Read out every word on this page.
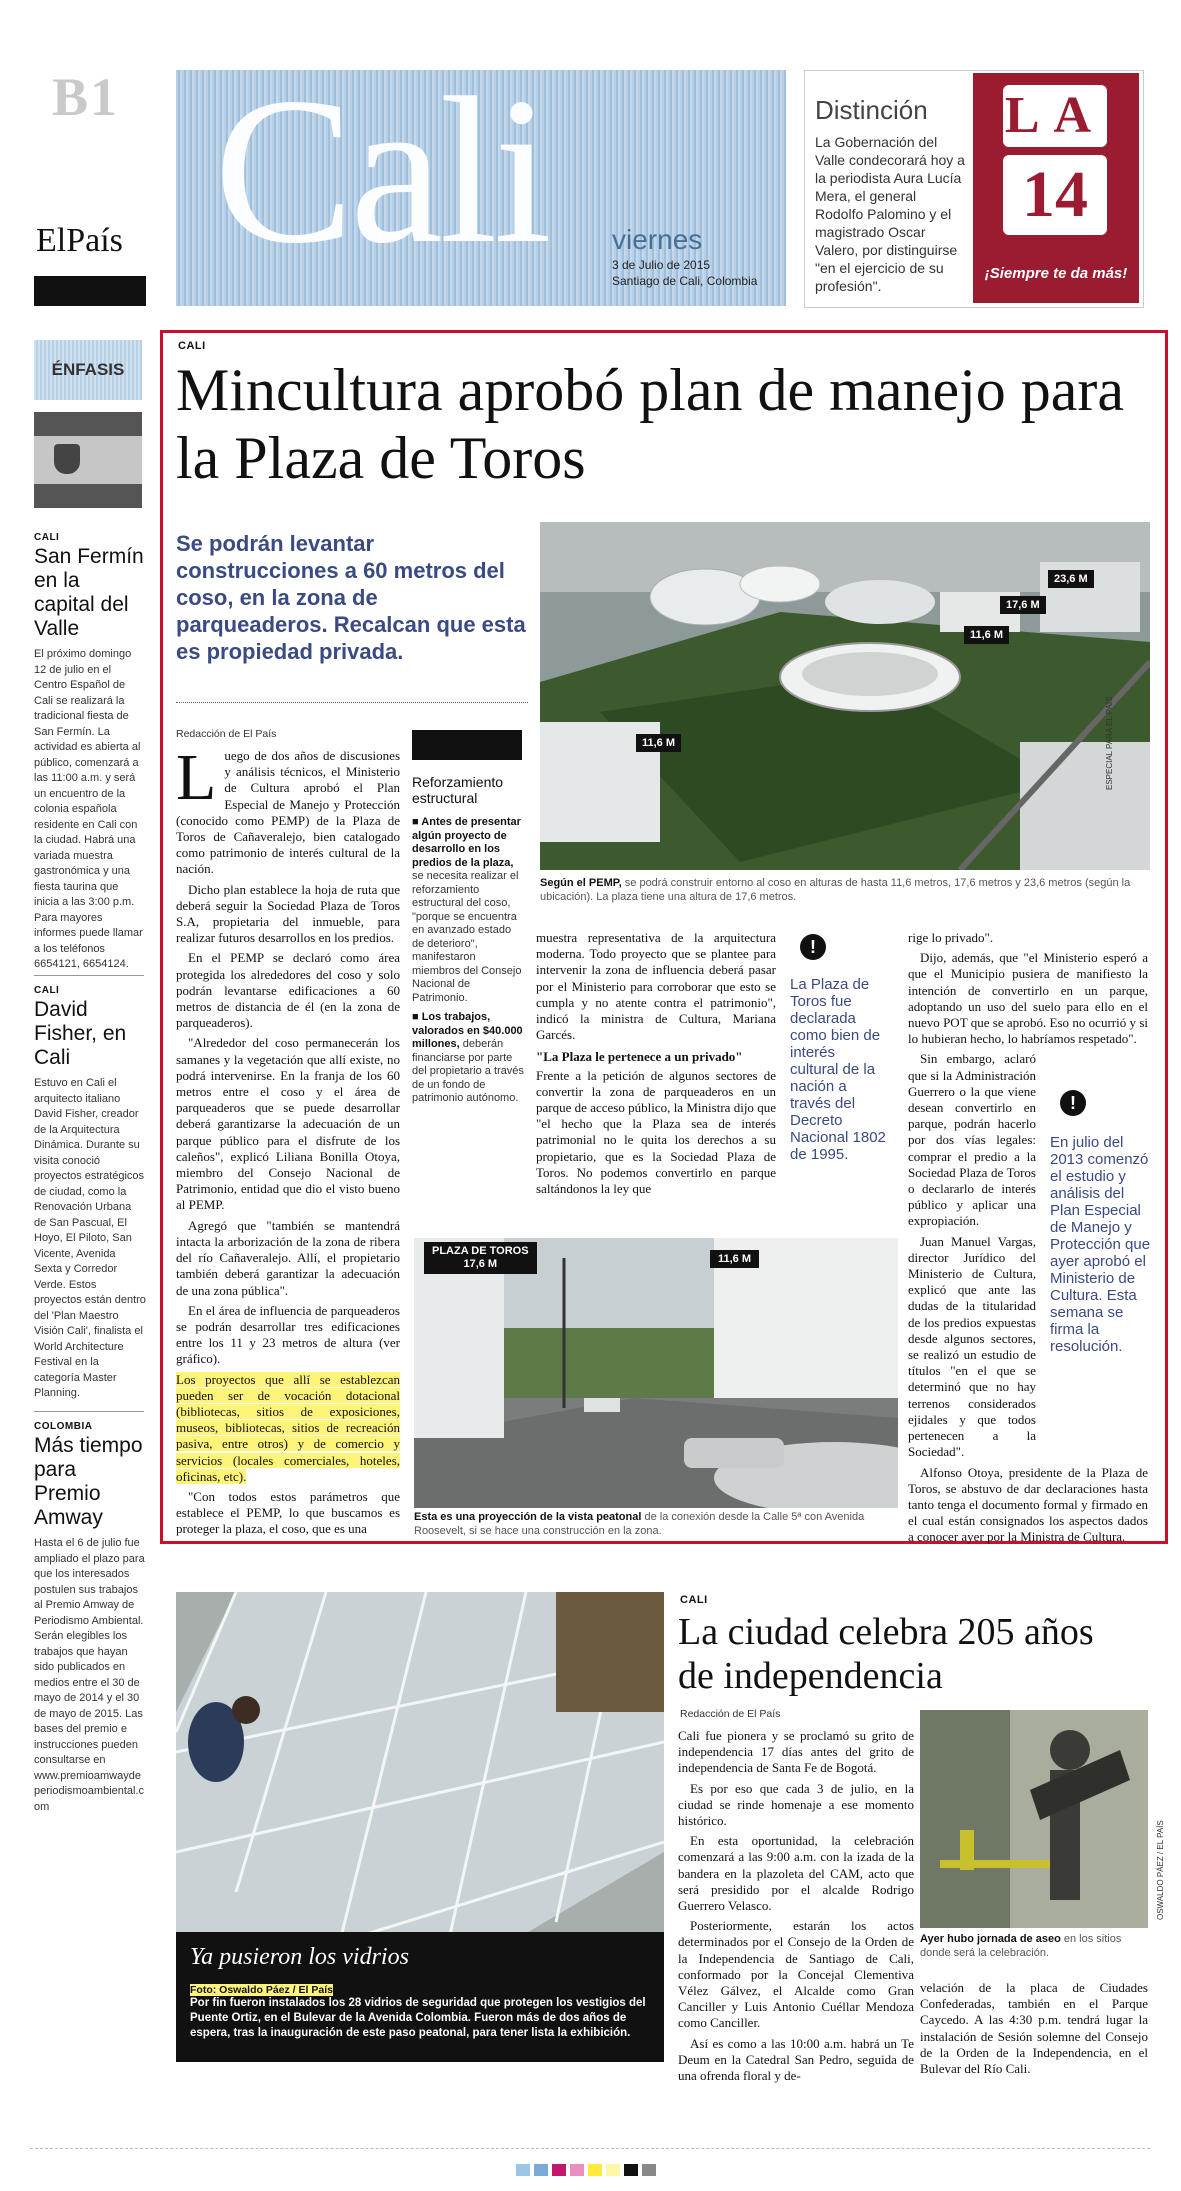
B1
ElPaís Cali viernes
3 de Julio de 2015
Santiago de Cali, Colombia
Distinción
La Gobernación del Valle condecorará hoy a la periodista Aura Lucía Mera, el general Rodolfo Palomino y el magistrado Oscar Valero, por distinguirse "en el ejercicio de su profesión".
LA
14
¡Siempre te da más!
ÉNFASIS
CALI
San Fermín en la capital del Valle
El próximo domingo 12 de julio en el Centro Español de Cali se realizará la tradicional fiesta de San Fermín. La actividad es abierta al público, comenzará a las 11:00 a.m. y será un encuentro de la colonia española residente en Cali con la ciudad. Habrá una variada muestra gastronómica y una fiesta taurina que inicia a las 3:00 p.m. Para mayores informes puede llamar a los teléfonos 6654121, 6654124.
CALI
David Fisher, en Cali
Estuvo en Cali el arquitecto italiano David Fisher, creador de la Arquitectura Dinámica. Durante su visita conoció proyectos estratégicos de ciudad, como la Renovación Urbana de San Pascual, El Hoyo, El Piloto, San Vicente, Avenida Sexta y Corredor Verde. Estos proyectos están dentro del 'Plan Maestro Visión Cali', finalista el World Architecture Festival en la categoría Master Planning.
COLOMBIA
Más tiempo para Premio Amway
Hasta el 6 de julio fue ampliado el plazo para que los interesados postulen sus trabajos al Premio Amway de Periodismo Ambiental. Serán elegibles los trabajos que hayan sido publicados en medios entre el 30 de mayo de 2014 y el 30 de mayo de 2015. Las bases del premio e instrucciones pueden consultarse en www.premioamwaydeperiodismoambiental.com
CALI
Mincultura aprobó plan de manejo para la Plaza de Toros
Se podrán levantar construcciones a 60 metros del coso, en la zona de parqueaderos. Recalcan que esta es propiedad privada.
23,6 M
17,6 M
11,6 M
11,6 M	ESPECIAL PARA EL PAÍS
Según el PEMP, se podrá construir entorno al coso en alturas de hasta 11,6 metros, 17,6 metros y 23,6 metros (según la ubicación). La plaza tiene una altura de 17,6 metros.
Redacción de El País
L uego de dos años de discusiones y análisis técnicos, el Ministerio de Cultura aprobó el Plan Especial de Manejo y Protección (conocido como PEMP) de la Plaza de Toros de Cañaveralejo, bien catalogado como patrimonio de interés cultural de la nación.

Dicho plan establece la hoja de ruta que deberá seguir la Sociedad Plaza de Toros S.A, propietaria del inmueble, para realizar futuros desarrollos en los predios.

En el PEMP se declaró como área protegida los alrededores del coso y solo podrán levantarse edificaciones a 60 metros de distancia de él (en la zona de parqueaderos).

"Alrededor del coso permanecerán los samanes y la vegetación que allí existe, no podrá intervenirse. En la franja de los 60 metros entre el coso y el área de parqueaderos que se puede desarrollar deberá garantizarse la adecuación de un parque público para el disfrute de los caleños", explicó Liliana Bonilla Otoya, miembro del Consejo Nacional de Patrimonio, entidad que dio el visto bueno al PEMP.

Agregó que "también se mantendrá intacta la arborización de la zona de ribera del río Cañaveralejo. Allí, el propietario también deberá garantizar la adecuación de una zona pública".

En el área de influencia de parqueaderos se podrán desarrollar tres edificaciones entre los 11 y 23 metros de altura (ver gráfico).

Los proyectos que allí se establezcan pueden ser de vocación dotacional (bibliotecas, sitios de exposiciones, museos, bibliotecas, sitios de recreación pasiva, entre otros) y de comercio y servicios (locales comerciales, hoteles, oficinas, etc).

"Con todos estos parámetros que establece el PEMP, lo que buscamos es proteger la plaza, el coso, que es una

Reforzamiento estructural
■ Antes de presentar algún proyecto de desarrollo en los predios de la plaza, se necesita realizar el reforzamiento estructural del coso, "porque se encuentra en avanzado estado de deterioro", manifestaron miembros del Consejo Nacional de Patrimonio.
■ Los trabajos, valorados en $40.000 millones, deberán financiarse por parte del propietario a través de un fondo de patrimonio autónomo.

muestra representativa de la arquitectura moderna. Todo proyecto que se plantee para intervenir la zona de influencia deberá pasar por el Ministerio para corroborar que esto se cumpla y no atente contra el patrimonio", indicó la ministra de Cultura, Mariana Garcés.

"La Plaza le pertenece a un privado"

Frente a la petición de algunos sectores de convertir la zona de parqueaderos en un parque de acceso público, la Ministra dijo que "el hecho que la Plaza sea de interés patrimonial no le quita los derechos a su propietario, que es la Sociedad Plaza de Toros. No podemos convertirlo en parque saltándonos la ley que

!
La Plaza de Toros fue declarada como bien de interés cultural de la nación a través del Decreto Nacional 1802 de 1995.

rige lo privado".

Dijo, además, que "el Ministerio esperó a que el Municipio pusiera de manifiesto la intención de convertirlo en un parque, adoptando un uso del suelo para ello en el nuevo POT que se aprobó. Eso no ocurrió y si lo hubieran hecho, lo habríamos respetado".

Sin embargo, aclaró que si la Administración Guerrero o la que viene desean convertirlo en parque, podrán hacerlo por dos vías legales: comprar el predio a la Sociedad Plaza de Toros o declararlo de interés público y aplicar una expropiación.

Juan Manuel Vargas, director Jurídico del Ministerio de Cultura, explicó que ante las dudas de la titularidad de los predios expuestas desde algunos sectores, se realizó un estudio de títulos "en el que se determinó que no hay terrenos considerados ejidales y que todos pertenecen a la Sociedad".

Alfonso Otoya, presidente de la Plaza de Toros, se abstuvo de dar declaraciones hasta tanto tenga el documento formal y firmado en el cual están consignados los aspectos dados a conocer ayer por la Ministra de Cultura.

!
En julio del 2013 comenzó el estudio y análisis del Plan Especial de Manejo y Protección que ayer aprobó el Ministerio de Cultura. Esta semana se firma la resolución.
PLAZA DE TOROS
17,6 M	11,6 M
Esta es una proyección de la vista peatonal de la conexión desde la Calle 5ª con Avenida Roosevelt, si se hace una construcción en la zona.
Ya pusieron los vidrios
Foto: Oswaldo Páez / El País
Por fin fueron instalados los 28 vidrios de seguridad que protegen los vestigios del Puente Ortiz, en el Bulevar de la Avenida Colombia. Fueron más de dos años de espera, tras la inauguración de este paso peatonal, para tener lista la exhibición.
CALI
La ciudad celebra 205 años de independencia
Redacción de El País

Cali fue pionera y se proclamó su grito de independencia 17 días antes del grito de independencia de Santa Fe de Bogotá.

Es por eso que cada 3 de julio, en la ciudad se rinde homenaje a ese momento histórico.

En esta oportunidad, la celebración comenzará a las 9:00 a.m. con la izada de la bandera en la plazoleta del CAM, acto que será presidido por el alcalde Rodrigo Guerrero Velasco.

Posteriormente, estarán los actos determinados por el Consejo de la Orden de la Independencia de Santiago de Cali, conformado por la Concejal Clementiva Vélez Gálvez, el Alcalde como Gran Canciller y Luis Antonio Cuéllar Mendoza como Canciller.

Así es como a las 10:00 a.m. habrá un Te Deum en la Catedral San Pedro, seguida de una ofrenda floral y de-

OSWALDO PÁEZ / EL PAÍS
Ayer hubo jornada de aseo en los sitios donde será la celebración.

velación de la placa de Ciudades Confederadas, también en el Parque Caycedo. A las 4:30 p.m. tendrá lugar la instalación de Sesión solemne del Consejo de la Orden de la Independencia, en el Bulevar del Río Cali.
